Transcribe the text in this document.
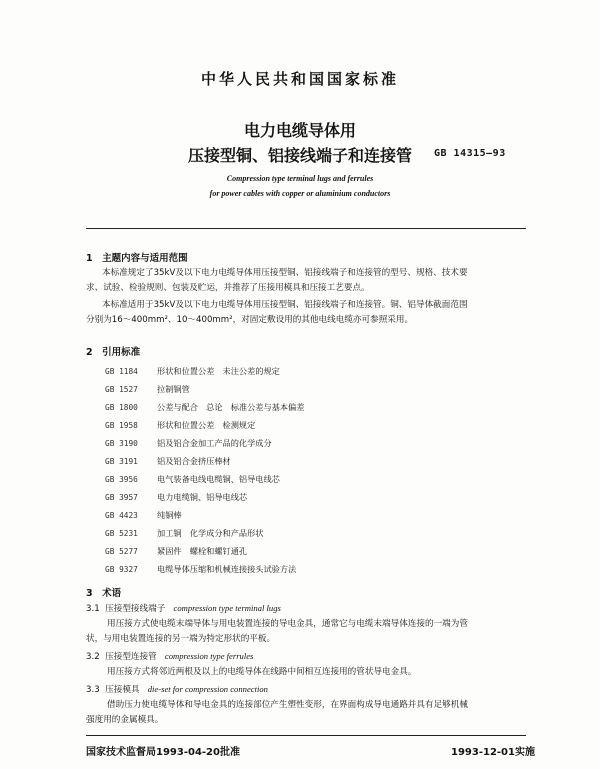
中华人民共和国国家标准
电力电缆导体用
压接型铜、铝接线端子和连接管	GB 14315—93
Compression type terminal lugs and ferrules
for power cables with copper or aluminium conductors
1　主题内容与适用范围
本标准规定了35kV及以下电力电缆导体用压接型铜、铝接线端子和连接管的型号、规格、技术要
求、试验、检验规则、包装及贮运，并推荐了压接用模具和压接工艺要点。
本标准适用于35kV及以下电力电缆导体用压接型铜、铝接线端子和连接管。铜、铝导体截面范围
分别为16～400mm²、10～400mm²，对固定敷设用的其他电线电缆亦可参照采用。
2　引用标准
GB 1184 形状和位置公差　未注公差的规定
GB 1527 拉制铜管
GB 1800 公差与配合　总论　标准公差与基本偏差
GB 1958 形状和位置公差　检测规定
GB 3190 铝及铝合金加工产品的化学成分
GB 3191 铝及铝合金挤压棒材
GB 3956 电气装备电线电缆铜、铝导电线芯
GB 3957 电力电缆铜、铝导电线芯
GB 4423 纯铜棒
GB 5231 加工铜　化学成分和产品形状
GB 5277 紧固件　螺栓和螺钉通孔
GB 9327 电缆导体压缩和机械连接接头试验方法
3　术语
3.1 压接型接线端子 compression type terminal lugs
用压接方式使电缆末端导体与用电装置连接的导电金具，通常它与电缆末端导体连接的一端为管
状，与用电装置连接的另一端为特定形状的平板。
3.2 压接型连接管 compression type ferrules
用压接方式将邻近两根及以上的电缆导体在线路中间相互连接用的管状导电金具。
3.3 压接模具 die-set for compression connection
借助压力使电缆导体和导电金具的连接部位产生塑性变形，在界面构成导电通路并具有足够机械
强度用的金属模具。
国家技术监督局1993-04-20批准	1993-12-01实施
